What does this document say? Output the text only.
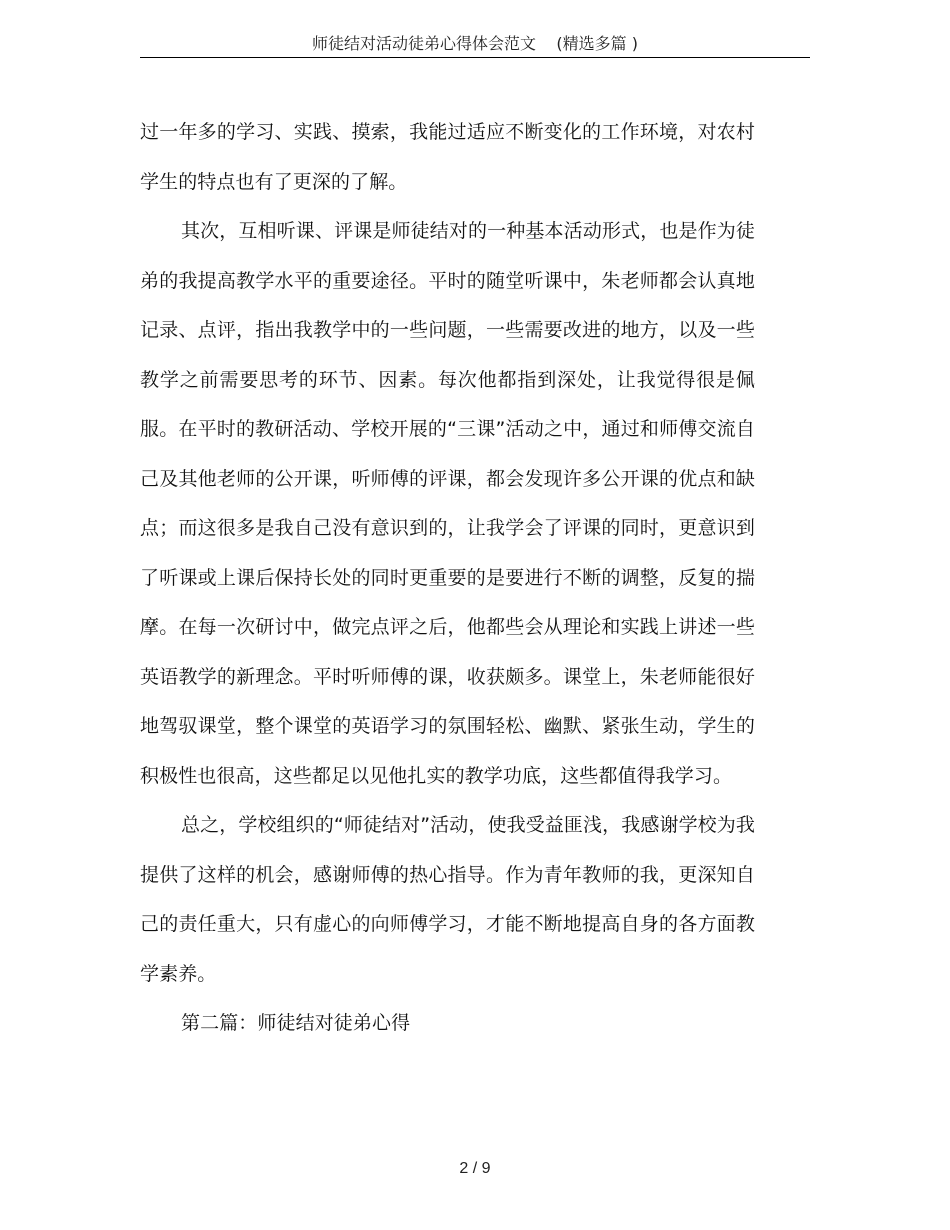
师徒结对活动徒弟心得体会范文    (精选多篇 )

过一年多的学习、实践、摸索，我能过适应不断变化的工作环境，对农村学生的特点也有了更深的了解。

其次，互相听课、评课是师徒结对的一种基本活动形式，也是作为徒弟的我提高教学水平的重要途径。平时的随堂听课中，朱老师都会认真地记录、点评，指出我教学中的一些问题，一些需要改进的地方，以及一些教学之前需要思考的环节、因素。每次他都指到深处，让我觉得很是佩服。在平时的教研活动、学校开展的“三课”活动之中，通过和师傅交流自己及其他老师的公开课，听师傅的评课，都会发现许多公开课的优点和缺点；而这很多是我自己没有意识到的，让我学会了评课的同时，更意识到了听课或上课后保持长处的同时更重要的是要进行不断的调整，反复的揣摩。在每一次研讨中，做完点评之后，他都些会从理论和实践上讲述一些英语教学的新理念。平时听师傅的课，收获颇多。课堂上，朱老师能很好地驾驭课堂，整个课堂的英语学习的氛围轻松、幽默、紧张生动，学生的积极性也很高，这些都足以见他扎实的教学功底，这些都值得我学习。

总之，学校组织的“师徒结对”活动，使我受益匪浅，我感谢学校为我提供了这样的机会，感谢师傅的热心指导。作为青年教师的我，更深知自己的责任重大，只有虚心的向师傅学习，才能不断地提高自身的各方面教学素养。

第二篇：师徒结对徒弟心得

2 / 9
